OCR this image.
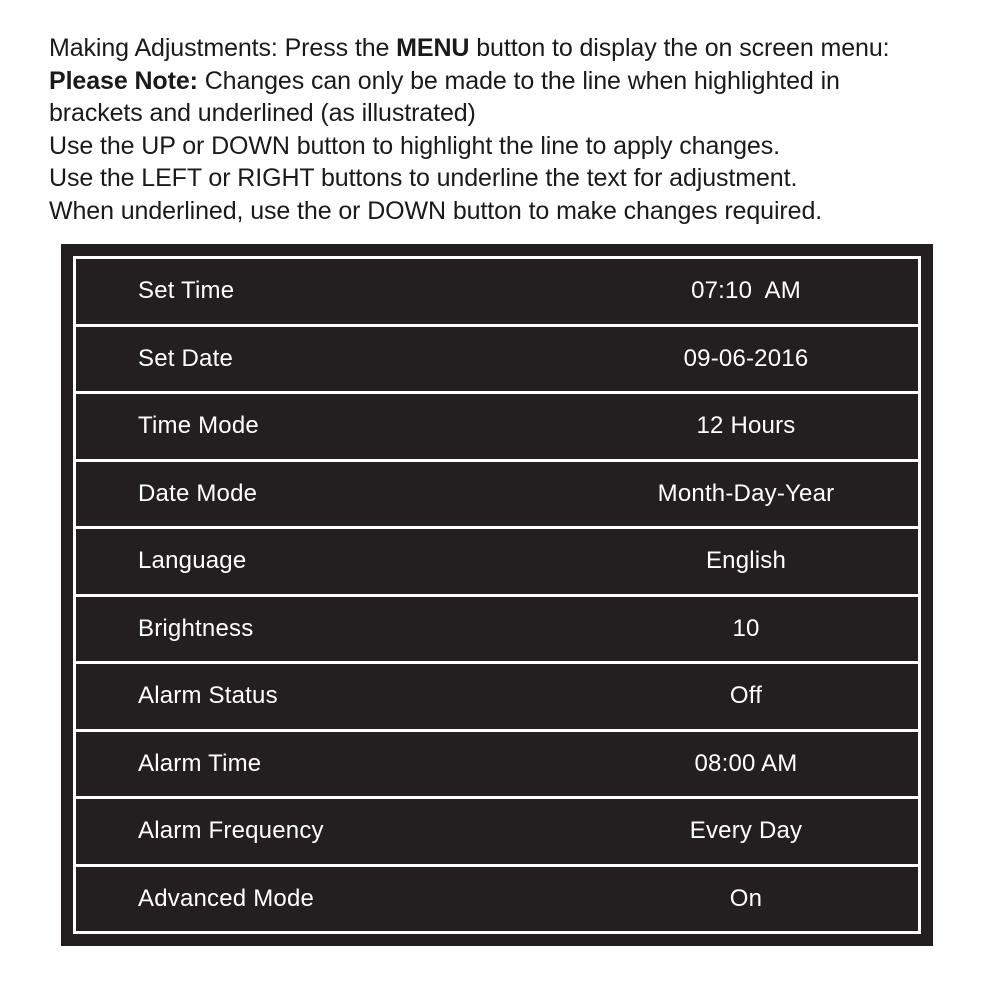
Making Adjustments: Press the MENU button to display the on screen menu:
Please Note: Changes can only be made to the line when highlighted in
brackets and underlined (as illustrated)
Use the UP or DOWN button to highlight the line to apply changes.
Use the LEFT or RIGHT buttons to underline the text for adjustment.
When underlined, use the or DOWN button to make changes required.
Set Time	07:10  AM
Set Date	09-06-2016
Time Mode	12 Hours
Date Mode	Month-Day-Year
Language	English
Brightness	10
Alarm Status	Off
Alarm Time	08:00 AM
Alarm Frequency	Every Day
Advanced Mode	On
